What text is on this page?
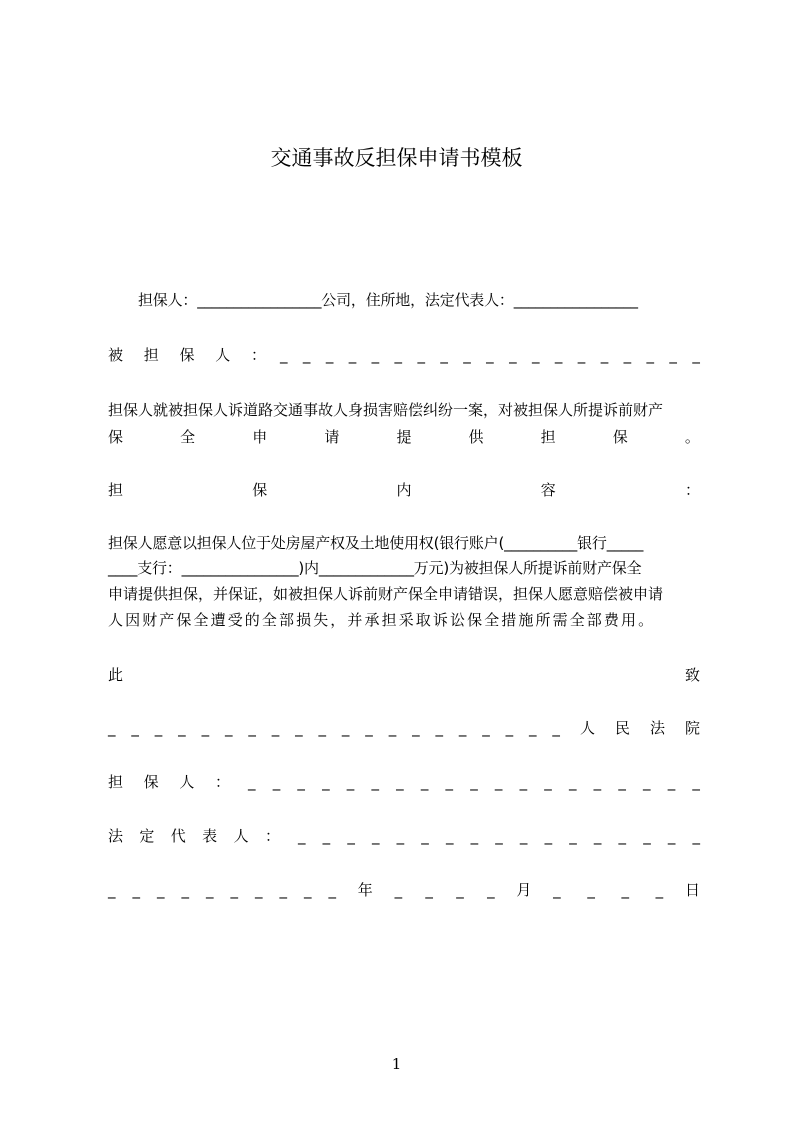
交通事故反担保申请书模板
担保人：_________________公司，住所地，法定代表人：_________________
被 担 保 人 ： _ _ _ _ _ _ _ _ _ _ _ _ _ _ _ _ _ _ _
担保人就被担保人诉道路交通事故人身损害赔偿纠纷一案，对被担保人所提诉前财产
保	全	申	请	提	供	担	保	。
担	保	内	容	：
担保人愿意以担保人位于处房屋产权及土地使用权(银行账户(__________银行_____
____支行：________________)内_____________万元)为被担保人所提诉前财产保全
申请提供担保，并保证，如被担保人诉前财产保全申请错误，担保人愿意赔偿被申请
人因财产保全遭受的全部损失，并承担采取诉讼保全措施所需全部费用。
此	致
_ _ _ _ _ _ _ _ _ _ _ _ _ _ _ _ _ _ _ _ 人 民 法 院
担 保 人 ： _ _ _ _ _ _ _ _ _ _ _ _ _ _ _ _ _ _ _
法 定 代 表 人 ： _ _ _ _ _ _ _ _ _ _ _ _ _ _ _ _ _
_ _ _ _ _ _ _ _ _ _ 年 _ _ _ _ 月 _ _ _ _ 日
1
